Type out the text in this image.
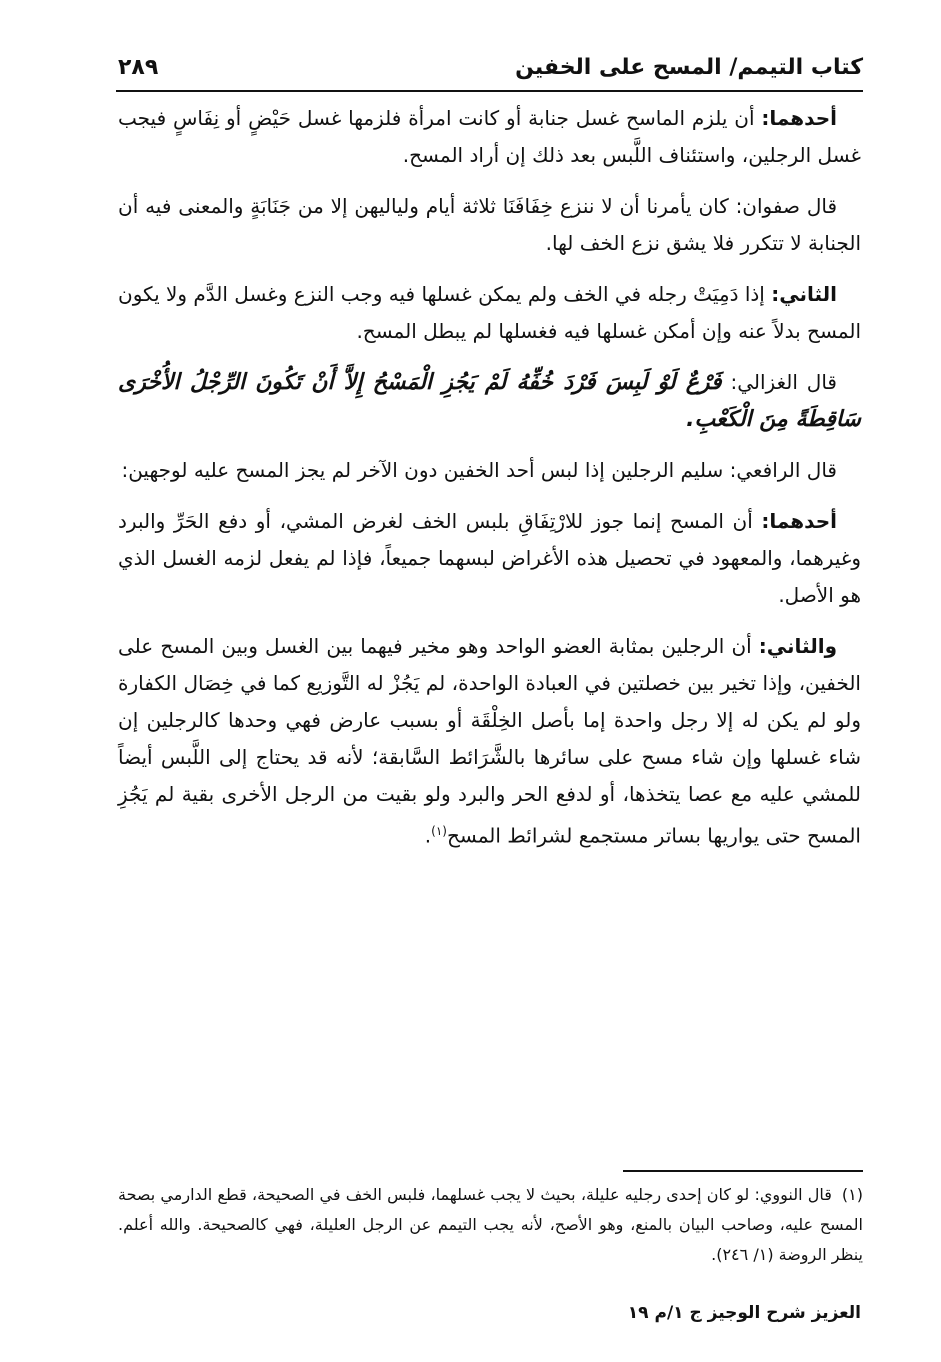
كتاب التيمم/ المسح على الخفين
٢٨٩

أحدهما: أن يلزم الماسح غسل جنابة أو كانت امرأة فلزمها غسل حَيْضٍ أو نِفَاسٍ فيجب غسل الرجلين، واستئناف اللَّبس بعد ذلك إن أراد المسح.

قال صفوان: كان يأمرنا أن لا ننزع خِفَافَنَا ثلاثة أيام ولياليهن إلا من جَنَابَةٍ والمعنى فيه أن الجنابة لا تتكرر فلا يشق نزع الخف لها.

الثاني: إذا دَمِيَتْ رجله في الخف ولم يمكن غسلها فيه وجب النزع وغسل الدَّم ولا يكون المسح بدلاً عنه وإن أمكن غسلها فيه فغسلها لم يبطل المسح.

قال الغزالي: فَرْعٌ لَوْ لَبِسَ فَرْدَ خُفِّهُ لَمْ يَجُزِ الْمَسْحُ إِلاَّ أَنْ تَكُونَ الرِّجْلُ الأُخْرَى سَاقِطَةً مِنَ الْكَعْبِ.

قال الرافعي: سليم الرجلين إذا لبس أحد الخفين دون الآخر لم يجز المسح عليه لوجهين:

أحدهما: أن المسح إنما جوز للارْتِفَاقِ بلبس الخف لغرض المشي، أو دفع الحَرِّ والبرد وغيرهما، والمعهود في تحصيل هذه الأغراض لبسهما جميعاً، فإذا لم يفعل لزمه الغسل الذي هو الأصل.

والثاني: أن الرجلين بمثابة العضو الواحد وهو مخير فيهما بين الغسل وبين المسح على الخفين، وإذا تخير بين خصلتين في العبادة الواحدة، لم يَجُزْ له التَّوزيع كما في خِصَال الكفارة ولو لم يكن له إلا رجل واحدة إما بأصل الخِلْقَة أو بسبب عارض فهي وحدها كالرجلين إن شاء غسلها وإن شاء مسح على سائرها بالشَّرَائط السَّابقة؛ لأنه قد يحتاج إلى اللَّبس أيضاً للمشي عليه مع عصا يتخذها، أو لدفع الحر والبرد ولو بقيت من الرجل الأخرى بقية لم يَجُزِ المسح حتى يواريها بساتر مستجمع لشرائط المسح$^{(١)}$.

(١)قال النووي: لو كان إحدى رجليه عليلة، بحيث لا يجب غسلهما، فلبس الخف في الصحيحة، قطع الدارمي بصحة المسح عليه، وصاحب البيان بالمنع، وهو الأصح، لأنه يجب التيمم عن الرجل العليلة، فهي كالصحيحة. والله أعلم. ينظر الروضة (١/ ٢٤٦).
العزيز شرح الوجيز ج ١/م ١٩
